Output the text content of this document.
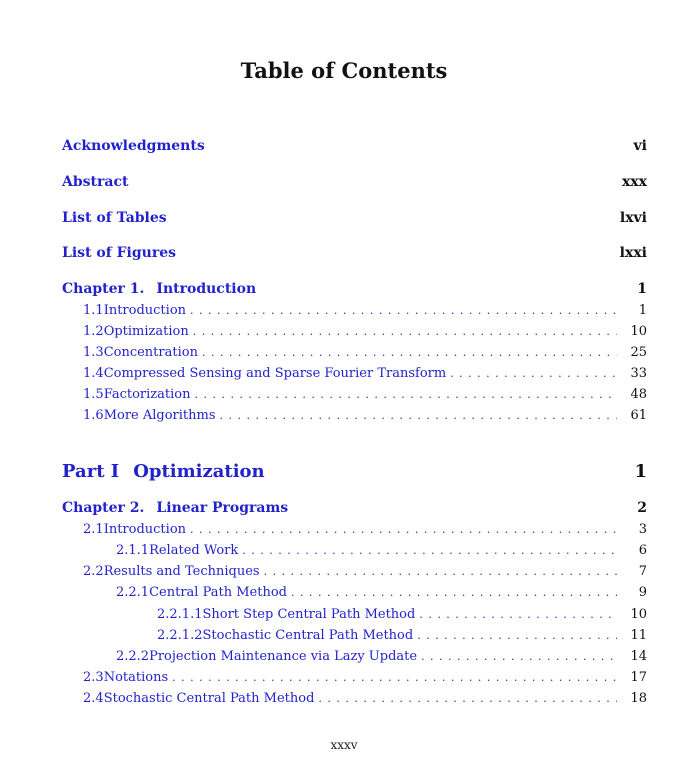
Table of Contents
Acknowledgments	vi
Abstract	xxx
List of Tables	lxvi
List of Figures	lxxi
Chapter 1. Introduction	1
1.1 Introduction . . .	1
1.2 Optimization . . .	10
1.3 Concentration . . .	25
1.4 Compressed Sensing and Sparse Fourier Transform . . .	33
1.5 Factorization . . .	48
1.6 More Algorithms . . .	61
Part I Optimization	1
Chapter 2. Linear Programs	2
2.1 Introduction . . .	3
2.1.1 Related Work . . .	6
2.2 Results and Techniques . . .	7
2.2.1 Central Path Method . . .	9
2.2.1.1 Short Step Central Path Method . . .	10
2.2.1.2 Stochastic Central Path Method . . .	11
2.2.2 Projection Maintenance via Lazy Update . . .	14
2.3 Notations . . .	17
2.4 Stochastic Central Path Method . . .	18
xxxv
